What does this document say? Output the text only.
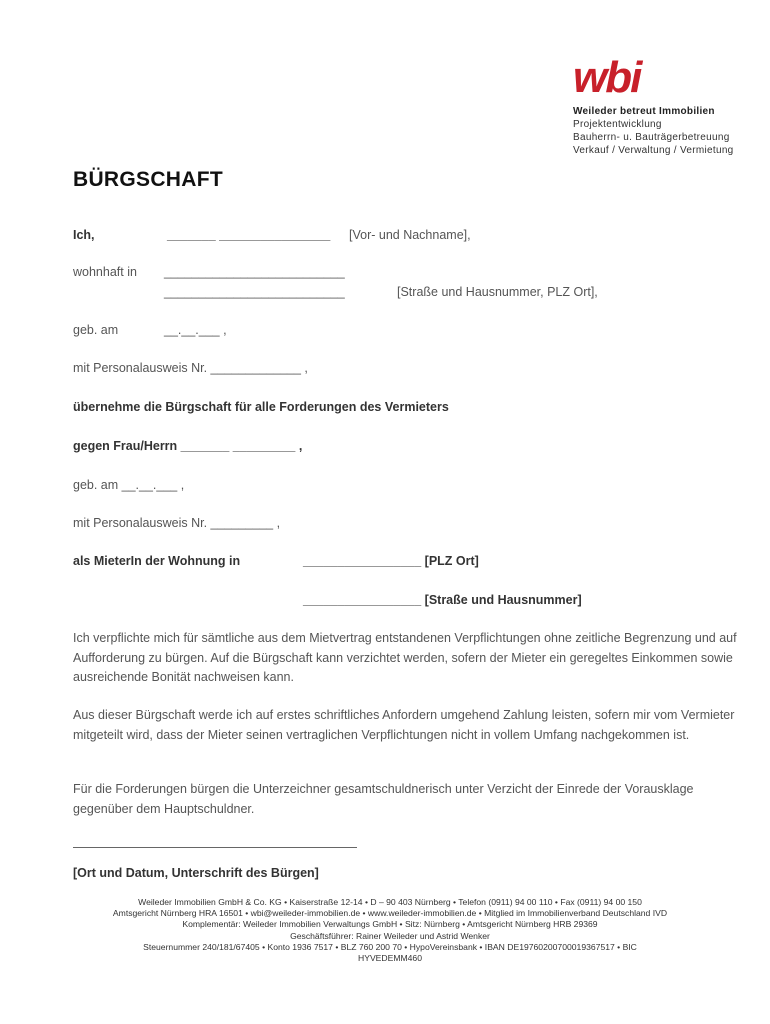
wbi
Weileder betreut Immobilien
Projektentwicklung
Bauherrn- u. Bauträgerbetreuung
Verkauf / Verwaltung / Vermietung
BÜRGSCHAFT
Ich,	_______ ________________ [Vor- und Nachname],
wohnhaft in __________________________
__________________________	[Straße und Hausnummer, PLZ Ort],
geb. am	__.__.___ ,
mit Personalausweis Nr. _____________ ,
übernehme die Bürgschaft für alle Forderungen des Vermieters
gegen Frau/Herrn _______ _________ ,
geb. am __.__.___ ,
mit Personalausweis Nr. _________ ,
als MieterIn der Wohnung in	_________________ [PLZ Ort]
_________________ [Straße und Hausnummer]
Ich verpflichte mich für sämtliche aus dem Mietvertrag entstandenen Verpflichtungen ohne zeitliche Begrenzung und auf Aufforderung zu bürgen. Auf die Bürgschaft kann verzichtet werden, sofern der Mieter ein geregeltes Einkommen sowie ausreichende Bonität nachweisen kann.
Aus dieser Bürgschaft werde ich auf erstes schriftliches Anfordern umgehend Zahlung leisten, sofern mir vom Vermieter mitgeteilt wird, dass der Mieter seinen vertraglichen Verpflichtungen nicht in vollem Umfang nachgekommen ist.
Für die Forderungen bürgen die Unterzeichner gesamtschuldnerisch unter Verzicht der Einrede der Vorausklage gegenüber dem Hauptschuldner.
[Ort und Datum, Unterschrift des Bürgen]
Weileder Immobilien GmbH & Co. KG • Kaiserstraße 12-14 • D – 90 403 Nürnberg • Telefon (0911) 94 00 110 • Fax (0911) 94 00 150
Amtsgericht Nürnberg HRA 16501 • wbi@weileder-immobilien.de • www.weileder-immobilien.de • Mitglied im Immobilienverband Deutschland IVD
Komplementär: Weileder Immobilien Verwaltungs GmbH • Sitz: Nürnberg • Amtsgericht Nürnberg HRB 29369
Geschäftsführer: Rainer Weileder und Astrid Wenker
Steuernummer 240/181/67405 • Konto 1936 7517 • BLZ 760 200 70 • HypoVereinsbank • IBAN DE19760200700019367517 • BIC
HYVEDEMM460
